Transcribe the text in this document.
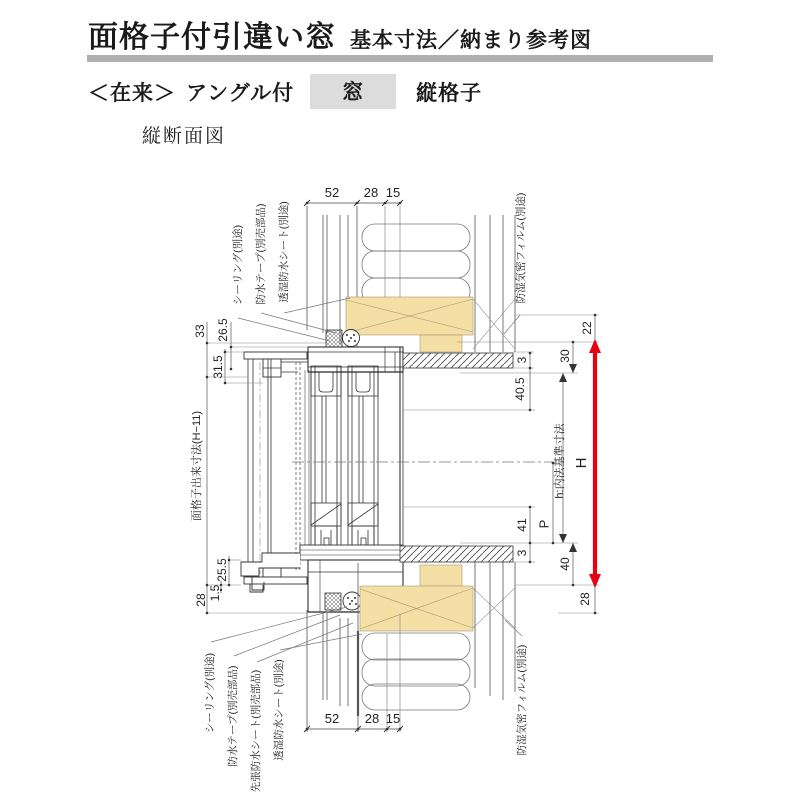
面格子付引違い窓 基本寸法／納まり参考図
＜在来＞ アングル付	窓	縦格子
縦断面図
52 28 15
52 28 15
33 26.5
31.5
面格子出来寸法(H−11)
25.5
1.5
28
22
30
3
40.5
h:内法基準寸法 H
41 P
3
40
28
シーリング(別途) 防水テープ(別売部品) 透湿防水シート(別途)	防湿気密フィルム(別途)
シーリング(別途) 防水テープ(別売部品) 先張防水シート(別売部品) 透湿防水シート(別途)	防湿気密フィルム(別途)
